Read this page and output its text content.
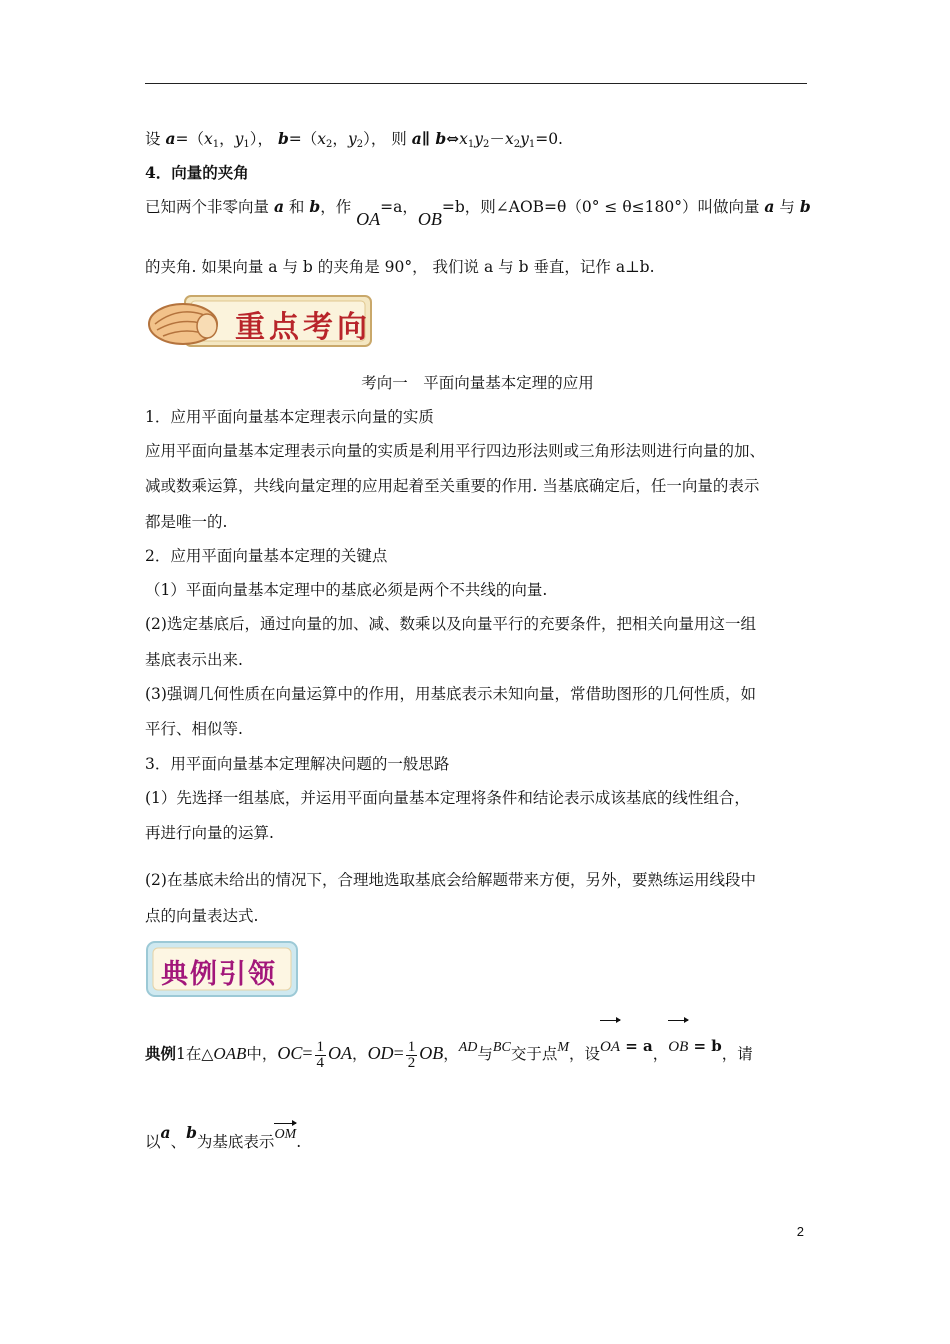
设 $a=(x_1$，$y_1$）， $b=(x_2$，$y_2$）， 则 a∥ $b\Leftrightarrow x_1y_2-x_2y_1=0$.
4．向量的夹角
已知两个非零向量 a 和 b，作 OA=a，OB=b，则∠AOB=θ（0° ≤ θ≤180°）叫做向量 a 与 b
的夹角. 如果向量 a 与 b 的夹角是 90°， 我们说 a 与 b 垂直，记作 a⊥b.
重点考向
考向一　平面向量基本定理的应用
1．应用平面向量基本定理表示向量的实质
应用平面向量基本定理表示向量的实质是利用平行四边形法则或三角形法则进行向量的加、
减或数乘运算，共线向量定理的应用起着至关重要的作用. 当基底确定后，任一向量的表示
都是唯一的.
2．应用平面向量基本定理的关键点
（1）平面向量基本定理中的基底必须是两个不共线的向量.
(2)选定基底后，通过向量的加、减、数乘以及向量平行的充要条件，把相关向量用这一组
基底表示出来.
(3)强调几何性质在向量运算中的作用，用基底表示未知向量，常借助图形的几何性质，如
平行、相似等.
3．用平面向量基本定理解决问题的一般思路
(1）先选择一组基底，并运用平面向量基本定理将条件和结论表示成该基底的线性组合，
再进行向量的运算.
(2)在基底未给出的情况下，合理地选取基底会给解题带来方便，另外，要熟练运用线段中
点的向量表达式.
典例引领
典例1在△OAB中，$OC= \frac{1}{4}$ OA，$OD= \frac{1}{2}$ OB，AD与BC交于点M，设OA = a，OB = b，请
以a、b为基底表示OM.
2
